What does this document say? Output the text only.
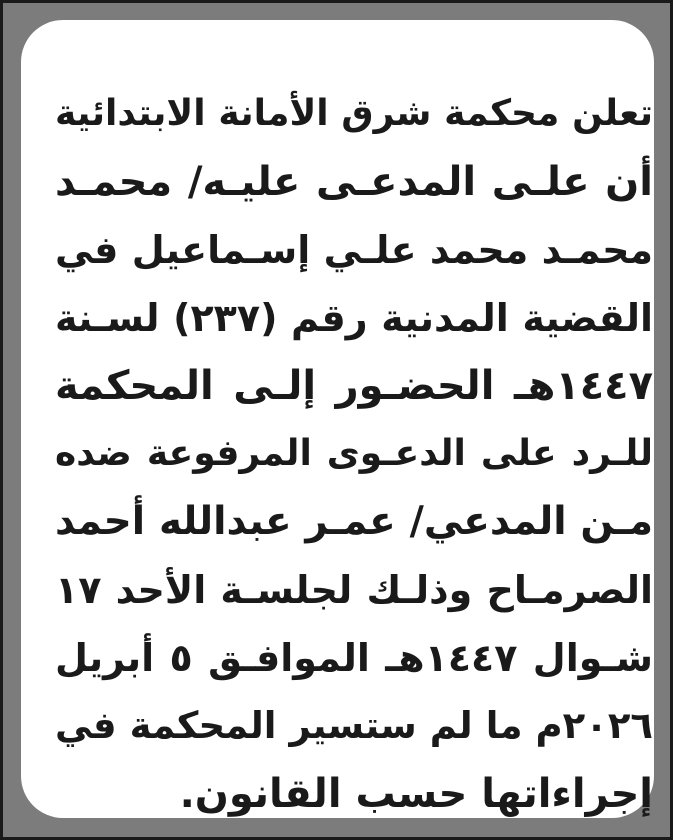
تعلن محكمة شرق الأمانة الابتدائية
أن علـى المدعـى عليـه/ محمـد
محمـد محمد علـي إسـماعيل في
القضية المدنية رقم (٢٣٧) لسـنة
١٤٤٧هـ الحضـور إلـى المحكمة
للـرد على الدعـوى المرفوعة ضده
مـن المدعي/ عمـر عبدالله أحمد
الصرمـاح وذلـك لجلسـة الأحد ١٧
شـوال ١٤٤٧هـ الموافـق ٥ أبريل
٢٠٢٦م ما لم ستسير المحكمة في
إجراءاتها حسب القانون.
